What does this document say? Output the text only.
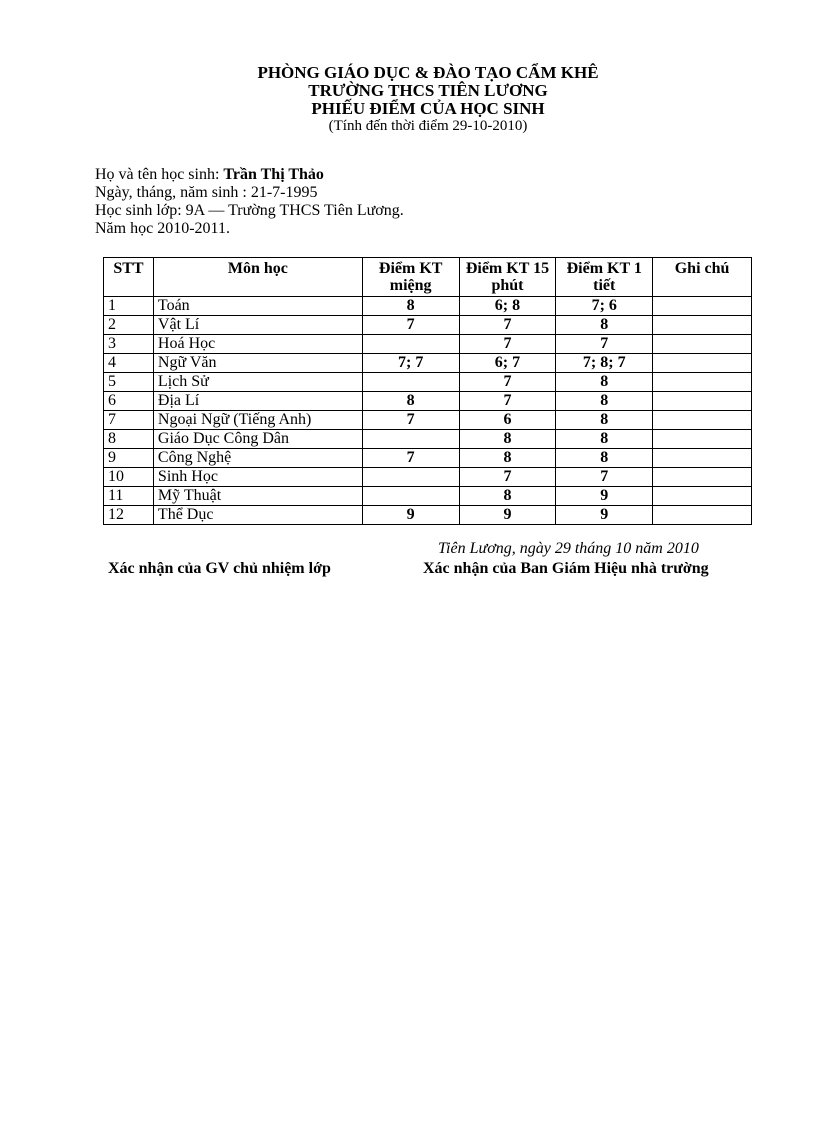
PHÒNG GIÁO DỤC & ĐÀO TẠO CẨM KHÊ
TRƯỜNG THCS TIÊN LƯƠNG
PHIẾU ĐIỂM CỦA HỌC SINH
(Tính đến thời điểm 29-10-2010)
Họ và tên học sinh: Trần Thị Thảo
Ngày, tháng, năm sinh : 21-7-1995
Học sinh lớp: 9A — Trường THCS Tiên Lương.
Năm học 2010-2011.
STT	Môn học	Điểm KT miệng	Điểm KT 15 phút	Điểm KT 1 tiết	Ghi chú
1	Toán	8	6; 8	7; 6	
2	Vật Lí	7	7	8	
3	Hoá Học		7	7	
4	Ngữ Văn	7; 7	6; 7	7; 8; 7	
5	Lịch Sử		7	8	
6	Địa Lí	8	7	8	
7	Ngoại Ngữ (Tiếng Anh)	7	6	8	
8	Giáo Dục Công Dân		8	8	
9	Công Nghệ	7	8	8	
10	Sinh Học		7	7	
11	Mỹ Thuật		8	9	
12	Thể Dục	9	9	9	
Tiên Lương, ngày 29 tháng 10 năm 2010
Xác nhận của GV chủ nhiệm lớp	Xác nhận của Ban Giám Hiệu nhà trường
